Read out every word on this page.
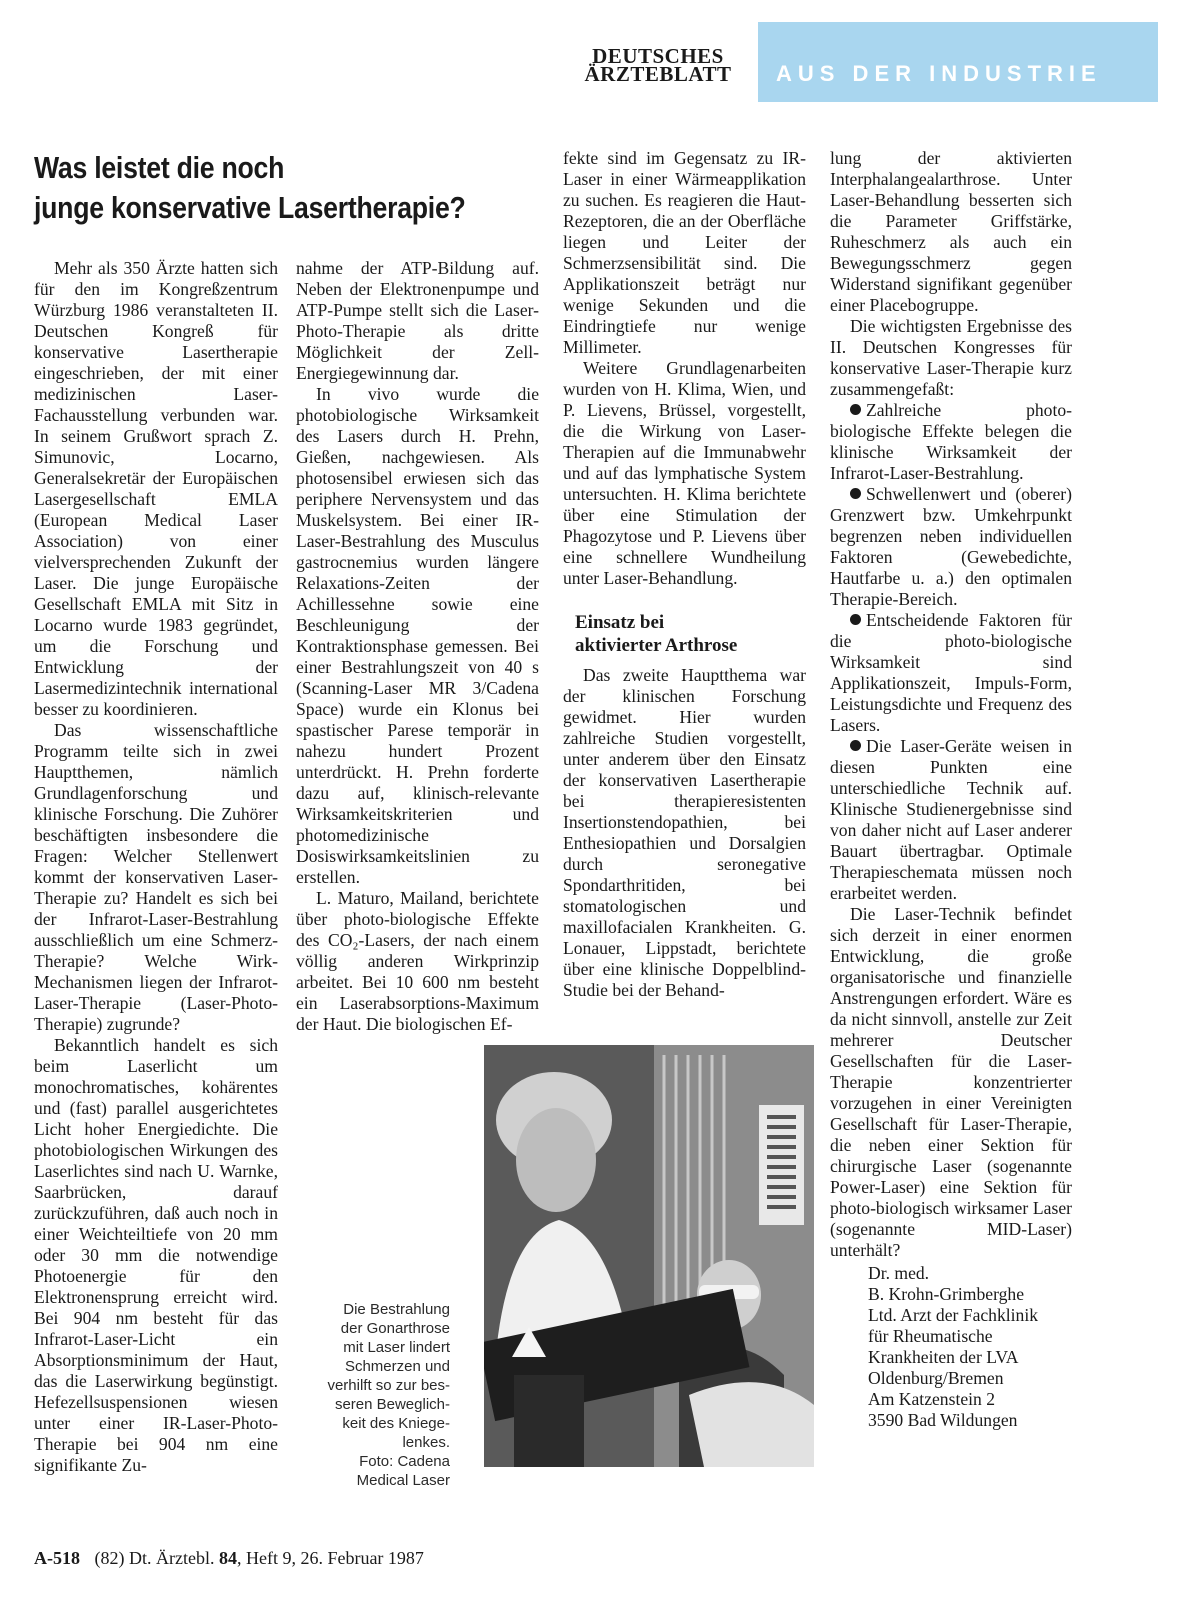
DEUTSCHES
ÄRZTEBLATT	AUS DER INDUSTRIE
Was leistet die noch
junge konservative Lasertherapie?

Mehr als 350 Ärzte hatten sich für den im Kongreßzentrum Würzburg 1986 veranstalteten II. Deutschen Kongreß für konservative Lasertherapie eingeschrieben, der mit einer medizinischen Laser-Fachausstellung verbunden war. In seinem Grußwort sprach Z. Simunovic, Locarno, Generalsekretär der Europäischen Lasergesellschaft EMLA (European Medical Laser Association) von einer vielversprechenden Zukunft der Laser. Die junge Europäische Gesellschaft EMLA mit Sitz in Locarno wurde 1983 gegründet, um die Forschung und Entwicklung der Lasermedizintechnik international besser zu koordinieren.

Das wissenschaftliche Programm teilte sich in zwei Hauptthemen, nämlich Grundlagenforschung und klinische Forschung. Die Zuhörer beschäftigten insbesondere die Fragen: Welcher Stellenwert kommt der konservativen Laser-Therapie zu? Handelt es sich bei der Infrarot-Laser-Bestrahlung ausschließlich um eine Schmerz-Therapie? Welche Wirk-Mechanismen liegen der Infrarot-Laser-Therapie (Laser-Photo-Therapie) zugrunde?

Bekanntlich handelt es sich beim Laserlicht um monochromatisches, kohärentes und (fast) parallel ausgerichtetes Licht hoher Energiedichte. Die photobiologischen Wirkungen des Laserlichtes sind nach U. Warnke, Saarbrücken, darauf zurückzuführen, daß auch noch in einer Weichteiltiefe von 20 mm oder 30 mm die notwendige Photoenergie für den Elektronensprung erreicht wird. Bei 904 nm besteht für das Infrarot-Laser-Licht ein Absorptionsminimum der Haut, das die Laserwirkung begünstigt. Hefezellsuspensionen wiesen unter einer IR-Laser-Photo-Therapie bei 904 nm eine signifikante Zu-

nahme der ATP-Bildung auf. Neben der Elektronenpumpe und ATP-Pumpe stellt sich die Laser-Photo-Therapie als dritte Möglichkeit der Zell-Energiegewinnung dar.

In vivo wurde die photobiologische Wirksamkeit des Lasers durch H. Prehn, Gießen, nachgewiesen. Als photosensibel erwiesen sich das periphere Nervensystem und das Muskelsystem. Bei einer IR-Laser-Bestrahlung des Musculus gastrocnemius wurden längere Relaxations-Zeiten der Achillessehne sowie eine Beschleunigung der Kontraktionsphase gemessen. Bei einer Bestrahlungszeit von 40 s (Scanning-Laser MR 3/Cadena Space) wurde ein Klonus bei spastischer Parese temporär in nahezu hundert Prozent unterdrückt. H. Prehn forderte dazu auf, klinisch-relevante Wirksamkeitskriterien und photomedizinische Dosiswirksamkeitslinien zu erstellen.

L. Maturo, Mailand, berichtete über photo-biologische Effekte des CO₂-Lasers, der nach einem völlig anderen Wirkprinzip arbeitet. Bei 10 600 nm besteht ein Laserabsorptions-Maximum der Haut. Die biologischen Ef-

fekte sind im Gegensatz zu IR-Laser in einer Wärmeapplikation zu suchen. Es reagieren die Haut-Rezeptoren, die an der Oberfläche liegen und Leiter der Schmerzsensibilität sind. Die Applikationszeit beträgt nur wenige Sekunden und die Eindringtiefe nur wenige Millimeter.

Weitere Grundlagenarbeiten wurden von H. Klima, Wien, und P. Lievens, Brüssel, vorgestellt, die die Wirkung von Laser-Therapien auf die Immunabwehr und auf das lymphatische System untersuchten. H. Klima berichtete über eine Stimulation der Phagozytose und P. Lievens über eine schnellere Wundheilung unter Laser-Behandlung.

Einsatz bei
aktivierter Arthrose

Das zweite Hauptthema war der klinischen Forschung gewidmet. Hier wurden zahlreiche Studien vorgestellt, unter anderem über den Einsatz der konservativen Lasertherapie bei therapieresistenten Insertionstendopathien, bei Enthesiopathien und Dorsalgien durch seronegative Spondarthritiden, bei stomatologischen und maxillofacialen Krankheiten. G. Lonauer, Lippstadt, berichtete über eine klinische Doppelblind-Studie bei der Behand-

lung der aktivierten Interphalangealarthrose. Unter Laser-Behandlung besserten sich die Parameter Griffstärke, Ruheschmerz als auch ein Bewegungsschmerz gegen Widerstand signifikant gegenüber einer Placebogruppe.

Die wichtigsten Ergebnisse des II. Deutschen Kongresses für konservative Laser-Therapie kurz zusammengefaßt:

Zahlreiche photo-biologische Effekte belegen die klinische Wirksamkeit der Infrarot-Laser-Bestrahlung.

Schwellenwert und (oberer) Grenzwert bzw. Umkehrpunkt begrenzen neben individuellen Faktoren (Gewebedichte, Hautfarbe u. a.) den optimalen Therapie-Bereich.

Entscheidende Faktoren für die photo-biologische Wirksamkeit sind Applikationszeit, Impuls-Form, Leistungsdichte und Frequenz des Lasers.

Die Laser-Geräte weisen in diesen Punkten eine unterschiedliche Technik auf. Klinische Studienergebnisse sind von daher nicht auf Laser anderer Bauart übertragbar. Optimale Therapieschemata müssen noch erarbeitet werden.

Die Laser-Technik befindet sich derzeit in einer enormen Entwicklung, die große organisatorische und finanzielle Anstrengungen erfordert. Wäre es da nicht sinnvoll, anstelle zur Zeit mehrerer Deutscher Gesellschaften für die Laser-Therapie konzentrierter vorzugehen in einer Vereinigten Gesellschaft für Laser-Therapie, die neben einer Sektion für chirurgische Laser (sogenannte Power-Laser) eine Sektion für photo-biologisch wirksamer Laser (sogenannte MID-Laser) unterhält?

Dr. med.
B. Krohn-Grimberghe
Ltd. Arzt der Fachklinik
für Rheumatische
Krankheiten der LVA
Oldenburg/Bremen
Am Katzenstein 2
3590 Bad Wildungen
Die Bestrahlung
der Gonarthrose
mit Laser lindert
Schmerzen und
verhilft so zur bes-
seren Beweglich-
keit des Kniege-
lenkes.
Foto: Cadena
Medical Laser
A-518 (82) Dt. Ärztebl. 84, Heft 9, 26. Februar 1987
